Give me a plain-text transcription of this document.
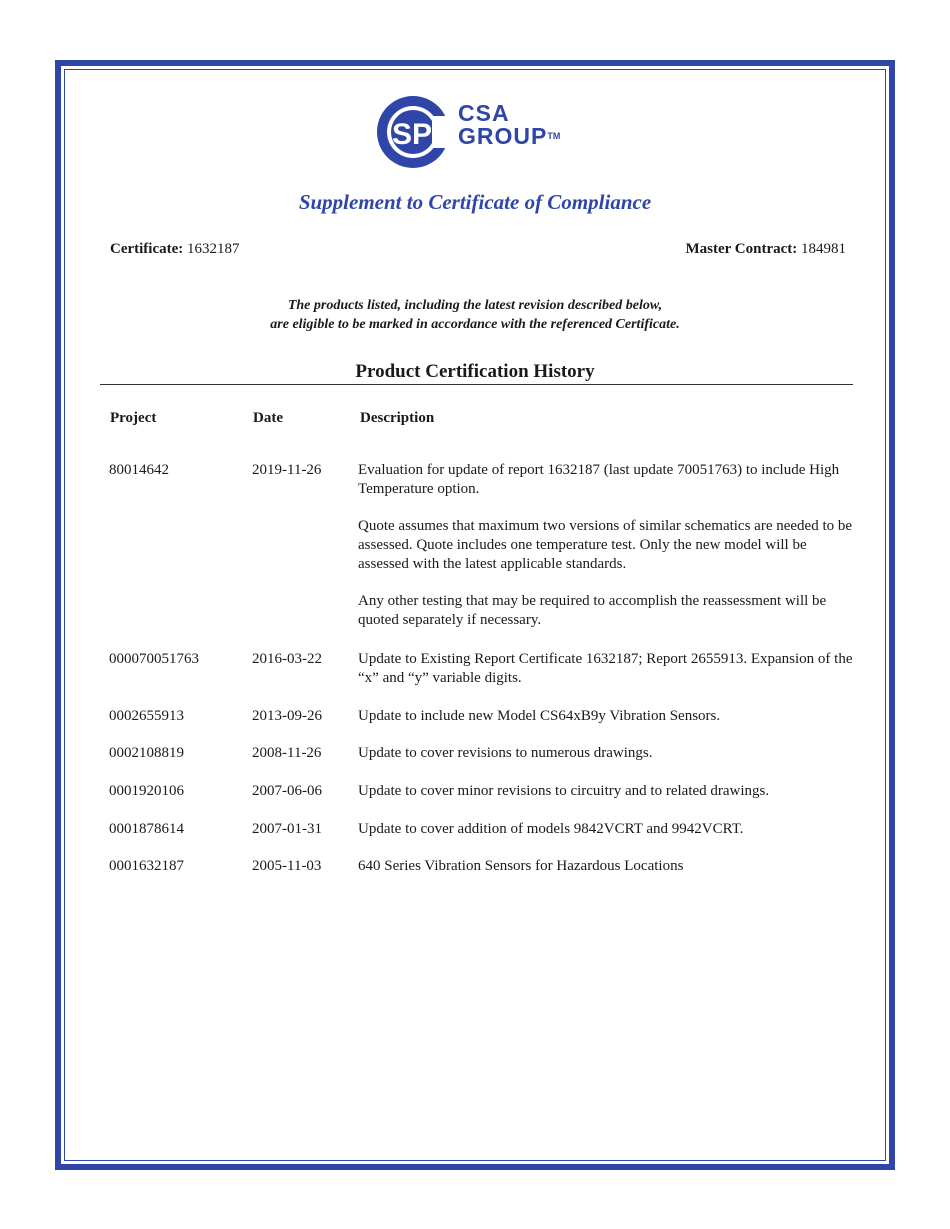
SP
CSA
GROUP™
Supplement to Certificate of Compliance
Certificate: 1632187	Master Contract: 184981
The products listed, including the latest revision described below,
are eligible to be marked in accordance with the referenced Certificate.
Product Certification History
Project	Date	Description
80014642	2019-11-26 Evaluation for update of report 1632187 (last update 70051763) to include High Temperature option.

Quote assumes that maximum two versions of similar schematics are needed to be assessed. Quote includes one temperature test. Only the new model will be assessed with the latest applicable standards.

Any other testing that may be required to accomplish the reassessment will be quoted separately if necessary.

000070051763	2016-03-22 Update to Existing Report Certificate 1632187; Report 2655913. Expansion of the “x” and “y” variable digits.

0002655913	2013-09-26 Update to include new Model CS64xB9y Vibration Sensors.

0002108819	2008-11-26 Update to cover revisions to numerous drawings.

0001920106	2007-06-06 Update to cover minor revisions to circuitry and to related drawings.

0001878614	2007-01-31 Update to cover addition of models 9842VCRT and 9942VCRT.

0001632187	2005-11-03 640 Series Vibration Sensors for Hazardous Locations
